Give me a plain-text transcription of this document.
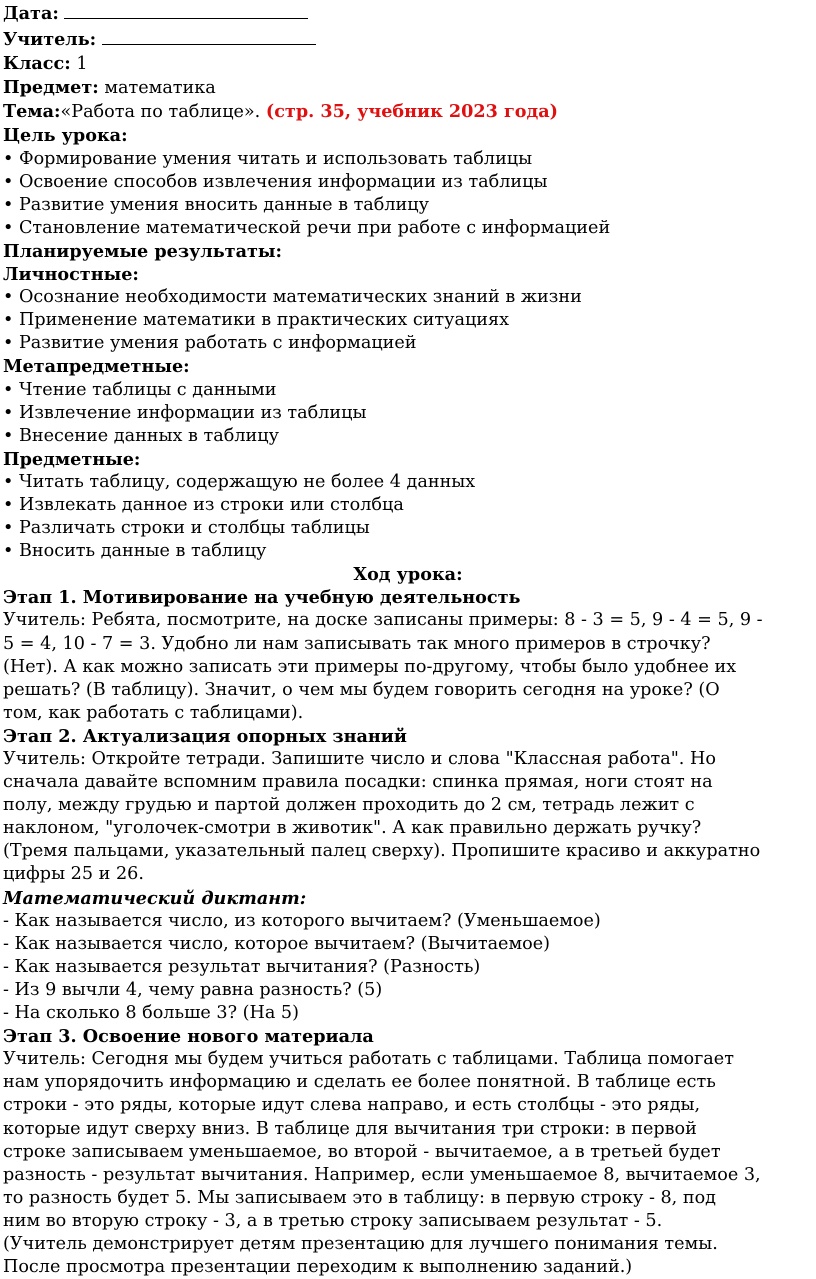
Дата:
Учитель:
Класс: 1
Предмет: математика
Тема:«Работа по таблице». (стр. 35, учебник 2023 года)
Цель урока:
• Формирование умения читать и использовать таблицы
• Освоение способов извлечения информации из таблицы
• Развитие умения вносить данные в таблицу
• Становление математической речи при работе с информацией
Планируемые результаты:
Личностные:
• Осознание необходимости математических знаний в жизни
• Применение математики в практических ситуациях
• Развитие умения работать с информацией
Метапредметные:
• Чтение таблицы с данными
• Извлечение информации из таблицы
• Внесение данных в таблицу
Предметные:
• Читать таблицу, содержащую не более 4 данных
• Извлекать данное из строки или столбца
• Различать строки и столбцы таблицы
• Вносить данные в таблицу
Ход урока:
Этап 1. Мотивирование на учебную деятельность
Учитель: Ребята, посмотрите, на доске записаны примеры: 8 - 3 = 5, 9 - 4 = 5, 9 -
5 = 4, 10 - 7 = 3. Удобно ли нам записывать так много примеров в строчку?
(Нет). А как можно записать эти примеры по-другому, чтобы было удобнее их
решать? (В таблицу). Значит, о чем мы будем говорить сегодня на уроке? (О
том, как работать с таблицами).
Этап 2. Актуализация опорных знаний
Учитель: Откройте тетради. Запишите число и слова "Классная работа". Но
сначала давайте вспомним правила посадки: спинка прямая, ноги стоят на
полу, между грудью и партой должен проходить до 2 см, тетрадь лежит с
наклоном, "уголочек-смотри в животик". А как правильно держать ручку?
(Тремя пальцами, указательный палец сверху). Пропишите красиво и аккуратно
цифры 25 и 26.
Математический диктант:
- Как называется число, из которого вычитаем? (Уменьшаемое)
- Как называется число, которое вычитаем? (Вычитаемое)
- Как называется результат вычитания? (Разность)
- Из 9 вычли 4, чему равна разность? (5)
- На сколько 8 больше 3? (На 5)
Этап 3. Освоение нового материала
Учитель: Сегодня мы будем учиться работать с таблицами. Таблица помогает
нам упорядочить информацию и сделать ее более понятной. В таблице есть
строки - это ряды, которые идут слева направо, и есть столбцы - это ряды,
которые идут сверху вниз. В таблице для вычитания три строки: в первой
строке записываем уменьшаемое, во второй - вычитаемое, а в третьей будет
разность - результат вычитания. Например, если уменьшаемое 8, вычитаемое 3,
то разность будет 5. Мы записываем это в таблицу: в первую строку - 8, под
ним во вторую строку - 3, а в третью строку записываем результат - 5.
(Учитель демонстрирует детям презентацию для лучшего понимания темы.
После просмотра презентации переходим к выполнению заданий.)
